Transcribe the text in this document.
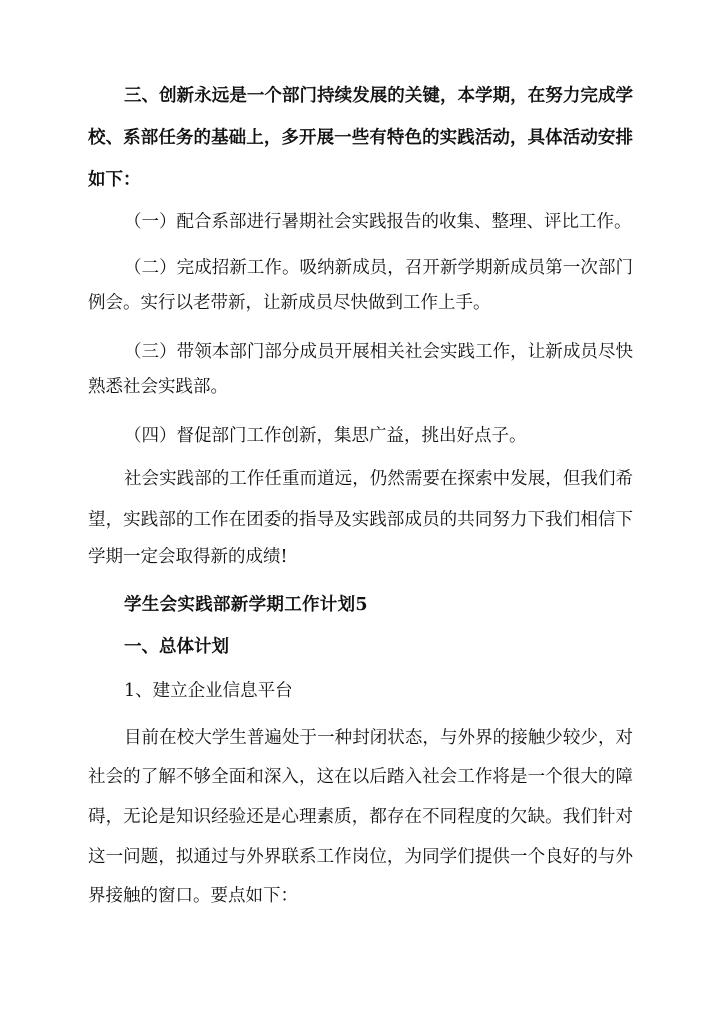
三、创新永远是一个部门持续发展的关键，本学期，在努力完成学
校、系部任务的基础上，多开展一些有特色的实践活动，具体活动安排
如下：
（一）配合系部进行暑期社会实践报告的收集、整理、评比工作。
（二）完成招新工作。吸纳新成员，召开新学期新成员第一次部门
例会。实行以老带新，让新成员尽快做到工作上手。
（三）带领本部门部分成员开展相关社会实践工作，让新成员尽快
熟悉社会实践部。
（四）督促部门工作创新，集思广益，挑出好点子。
社会实践部的工作任重而道远，仍然需要在探索中发展，但我们希
望，实践部的工作在团委的指导及实践部成员的共同努力下我们相信下
学期一定会取得新的成绩!
学生会实践部新学期工作计划5
一、总体计划
1、建立企业信息平台
目前在校大学生普遍处于一种封闭状态，与外界的接触少较少，对
社会的了解不够全面和深入，这在以后踏入社会工作将是一个很大的障
碍，无论是知识经验还是心理素质，都存在不同程度的欠缺。我们针对
这一问题，拟通过与外界联系工作岗位，为同学们提供一个良好的与外
界接触的窗口。要点如下：
